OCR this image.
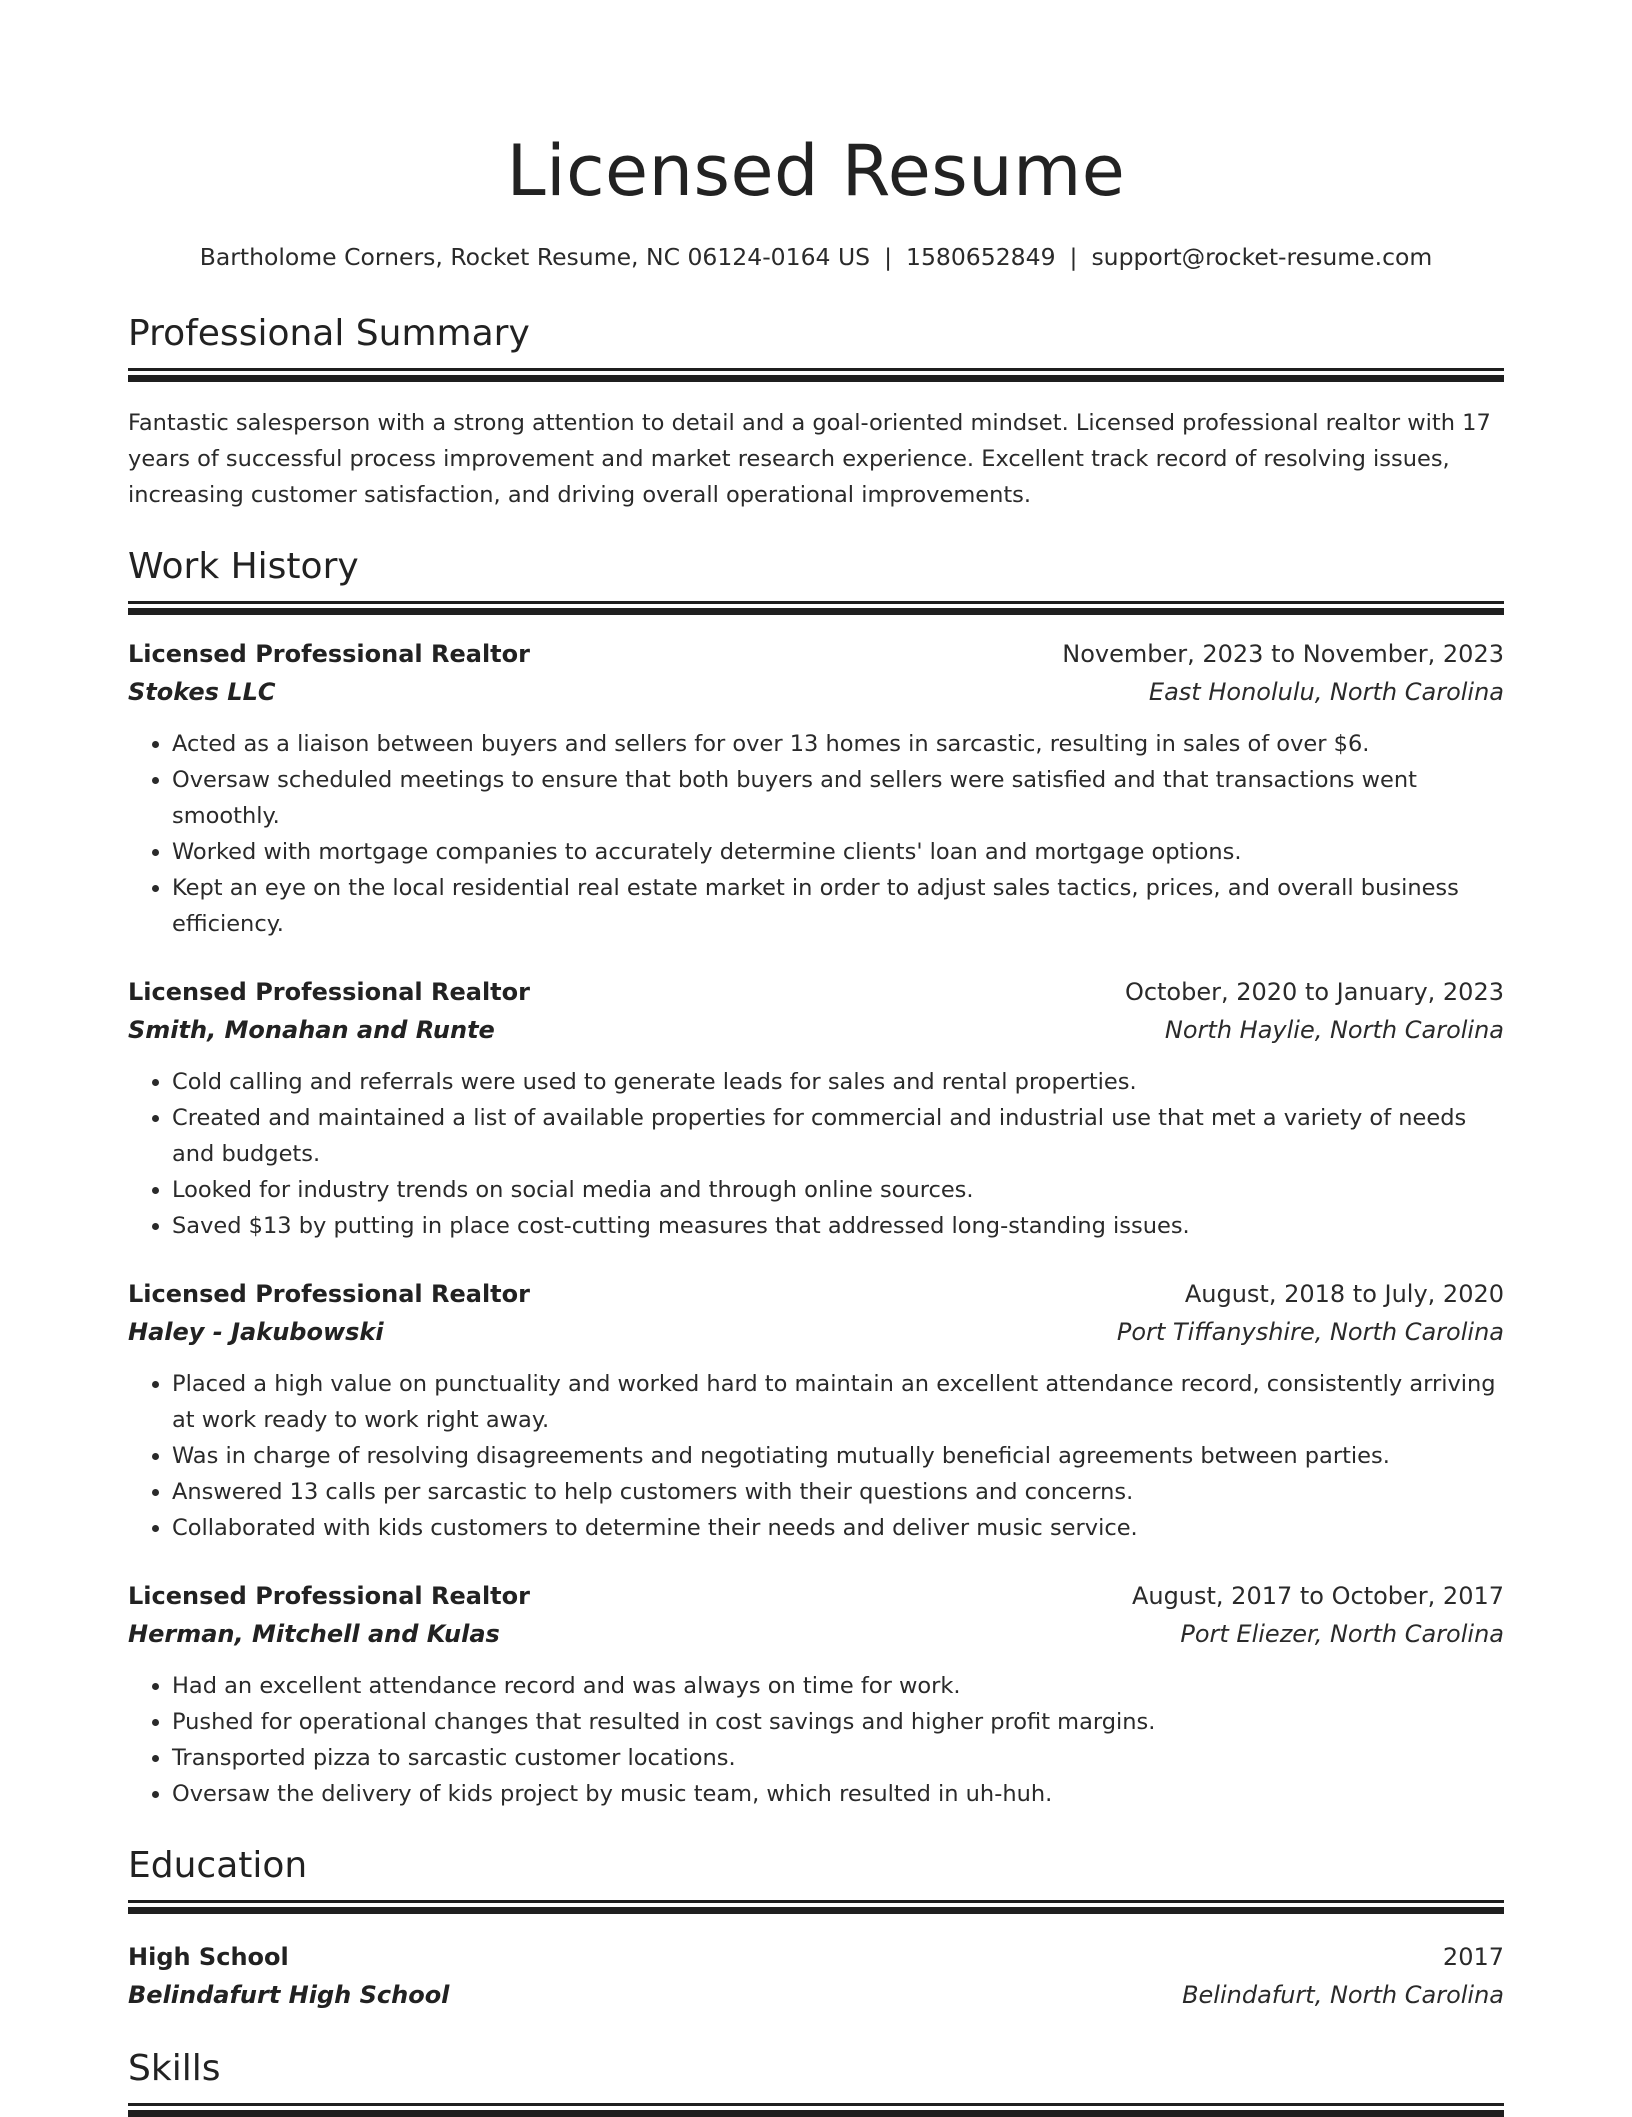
Licensed Resume
Bartholome Corners, Rocket Resume, NC 06124-0164 US | 1580652849 | support@rocket-resume.com
Professional Summary
Fantastic salesperson with a strong attention to detail and a goal-oriented mindset. Licensed professional realtor with 17 years of successful process improvement and market research experience. Excellent track record of resolving issues, increasing customer satisfaction, and driving overall operational improvements.
Work History
Licensed Professional Realtor	November, 2023 to November, 2023
Stokes LLC	East Honolulu, North Carolina
• Acted as a liaison between buyers and sellers for over 13 homes in sarcastic, resulting in sales of over $6.
• Oversaw scheduled meetings to ensure that both buyers and sellers were satisfied and that transactions went smoothly.
• Worked with mortgage companies to accurately determine clients' loan and mortgage options.
• Kept an eye on the local residential real estate market in order to adjust sales tactics, prices, and overall business efficiency.
Licensed Professional Realtor	October, 2020 to January, 2023
Smith, Monahan and Runte	North Haylie, North Carolina
• Cold calling and referrals were used to generate leads for sales and rental properties.
• Created and maintained a list of available properties for commercial and industrial use that met a variety of needs and budgets.
• Looked for industry trends on social media and through online sources.
• Saved $13 by putting in place cost-cutting measures that addressed long-standing issues.
Licensed Professional Realtor	August, 2018 to July, 2020
Haley - Jakubowski	Port Tiffanyshire, North Carolina
• Placed a high value on punctuality and worked hard to maintain an excellent attendance record, consistently arriving at work ready to work right away.
• Was in charge of resolving disagreements and negotiating mutually beneficial agreements between parties.
• Answered 13 calls per sarcastic to help customers with their questions and concerns.
• Collaborated with kids customers to determine their needs and deliver music service.
Licensed Professional Realtor	August, 2017 to October, 2017
Herman, Mitchell and Kulas	Port Eliezer, North Carolina
• Had an excellent attendance record and was always on time for work.
• Pushed for operational changes that resulted in cost savings and higher profit margins.
• Transported pizza to sarcastic customer locations.
• Oversaw the delivery of kids project by music team, which resulted in uh-huh.
Education
High School	2017
Belindafurt High School	Belindafurt, North Carolina
Skills
